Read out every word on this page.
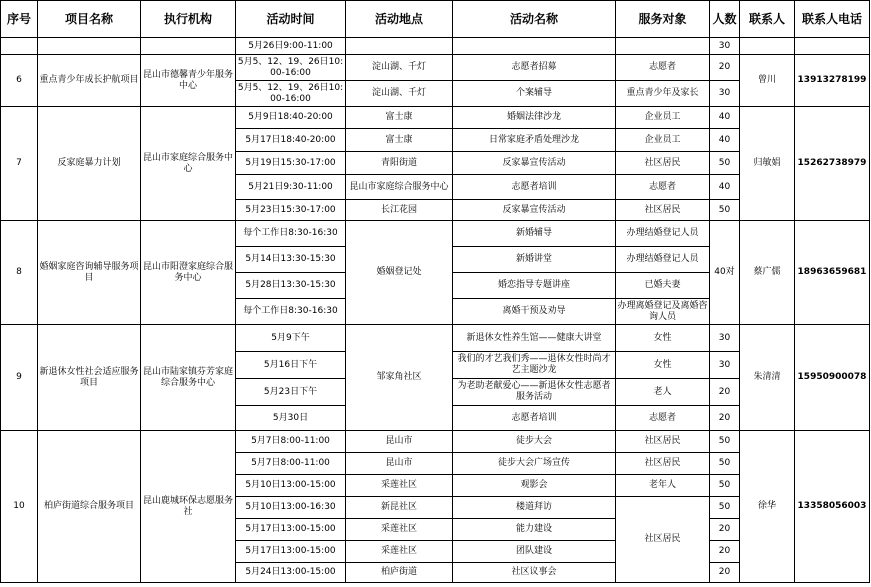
序号	项目名称	执行机构	活动时间	活动地点	活动名称	服务对象	人数	联系人	联系人电话
			5月26日9:00-11:00				30		
6	重点青少年成长护航项目	昆山市德馨青少年服务中心	5月5、12、19、26日10:00-16:00	淀山湖、千灯	志愿者招募	志愿者	20	曾川	13913278199
			5月5、12、19、26日10:00-16:00	淀山湖、千灯	个案辅导	重点青少年及家长	30		
7	反家庭暴力计划	昆山市家庭综合服务中心	5月9日18:40-20:00	富士康	婚姻法律沙龙	企业员工	40	归敏娟	15262738979
			5月17日18:40-20:00	富士康	日常家庭矛盾处理沙龙	企业员工	40		
			5月19日15:30-17:00	青阳街道	反家暴宣传活动	社区居民	50		
			5月21日9:30-11:00	昆山市家庭综合服务中心	志愿者培训	志愿者	40		
			5月23日15:30-17:00	长江花园	反家暴宣传活动	社区居民	50		
8	婚姻家庭咨询辅导服务项目	昆山市阳澄家庭综合服务中心	每个工作日8:30-16:30	婚姻登记处	新婚辅导	办理结婚登记人员	40对	蔡广儒	18963659681
			5月14日13:30-15:30		新婚讲堂	办理结婚登记人员			
			5月28日13:30-15:30		婚恋指导专题讲座	已婚夫妻			
			每个工作日8:30-16:30		离婚干预及劝导	办理离婚登记及离婚咨询人员			
9	新退休女性社会适应服务项目	昆山市陆家镇芬芳家庭综合服务中心	5月9下午	邹家角社区	新退休女性养生馆——健康大讲堂	女性	30	朱清清	15950900078
			5月16日下午		我们的才艺我们秀——退休女性时尚才艺主题沙龙	女性	30		
			5月23日下午		为老助老献爱心——新退休女性志愿者服务活动	老人	20		
			5月30日		志愿者培训	志愿者	20		
10	柏庐街道综合服务项目	昆山鹿城环保志愿服务社	5月7日8:00-11:00	昆山市	徒步大会	社区居民	50	徐华	13358056003
			5月7日8:00-11:00	昆山市	徒步大会广场宣传	社区居民	50		
			5月10日13:00-15:00	采莲社区	观影会	老年人	50		
			5月10日13:00-16:30	新昆社区	楼道拜访	社区居民	50		
			5月17日13:00-15:00	采莲社区	能力建设		20		
			5月17日13:00-15:00	采莲社区	团队建设		20		
			5月24日13:00-15:00	柏庐街道	社区议事会		20		
